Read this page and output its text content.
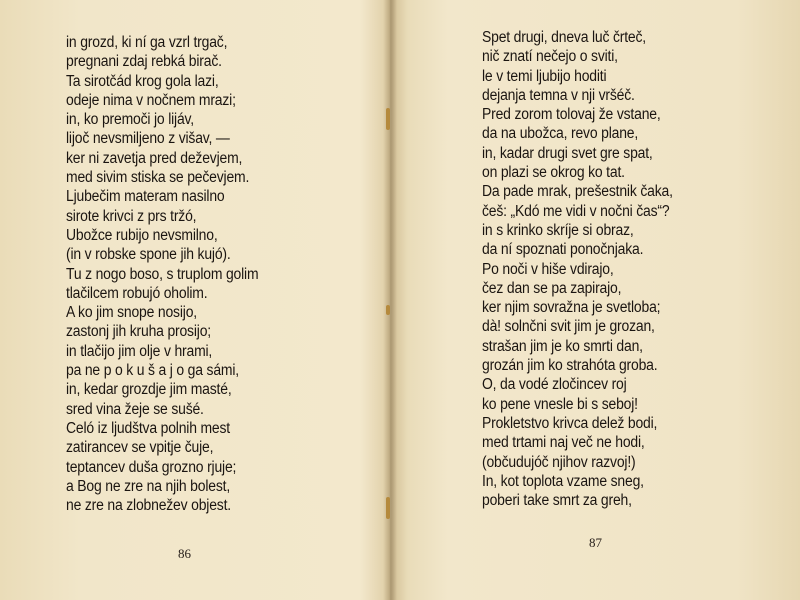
in grozd, ki ní ga vzrl trgač,
pregnani zdaj rebká birač.
Ta sirotčád krog gola lazi,
odeje nima v nočnem mrazi;
in, ko premoči jo lijáv,
lijoč nevsmiljeno z višav, —
ker ni zavetja pred deževjem,
med sivim stiska se pečevjem.
Ljubečim materam nasilno
sirote krivci z prs tržó,
Ubožce rubijo nevsmilno,
(in v robske spone jih kujó).
Tu z nogo boso, s truplom golim
tlačilcem robujó oholim.
A ko jim snope nosijo,
zastonj jih kruha prosijo;
in tlačijo jim olje v hrami,
pa ne p o k u š a j o ga sámi,
in, kedar grozdje jim masté,
sred vina žeje se sušé.
Celó iz ljudštva polnih mest
zatirancev se vpitje čuje,
teptancev duša grozno rjuje;
a Bog ne zre na njih bolest,
ne zre na zlobnežev objest.
86
Spet drugi, dneva luč črteč,
nič znatí nečejo o sviti,
le v temi ljubijo hoditi
dejanja temna v nji vršéč.
Pred zorom tolovaj že vstane,
da na ubožca, revo plane,
in, kadar drugi svet gre spat,
on plazi se okrog ko tat.
Da pade mrak, prešestnik čaka,
češ: „Kdó me vidi v nočni čas“?
in s krinko skríje si obraz,
da ní spoznati ponočnjaka.
Po noči v hiše vdirajo,
čez dan se pa zapirajo,
ker njim sovražna je svetloba;
dà! solnčni svit jim je grozan,
strašan jim je ko smrti dan,
grozán jim ko strahóta groba.
O, da vodé zločincev roj
ko pene vnesle bi s seboj!
Prokletstvo krivca delež bodi,
med trtami naj več ne hodi,
(občudujóč njihov razvoj!)
In, kot toplota vzame sneg,
poberi take smrt za greh,
87
